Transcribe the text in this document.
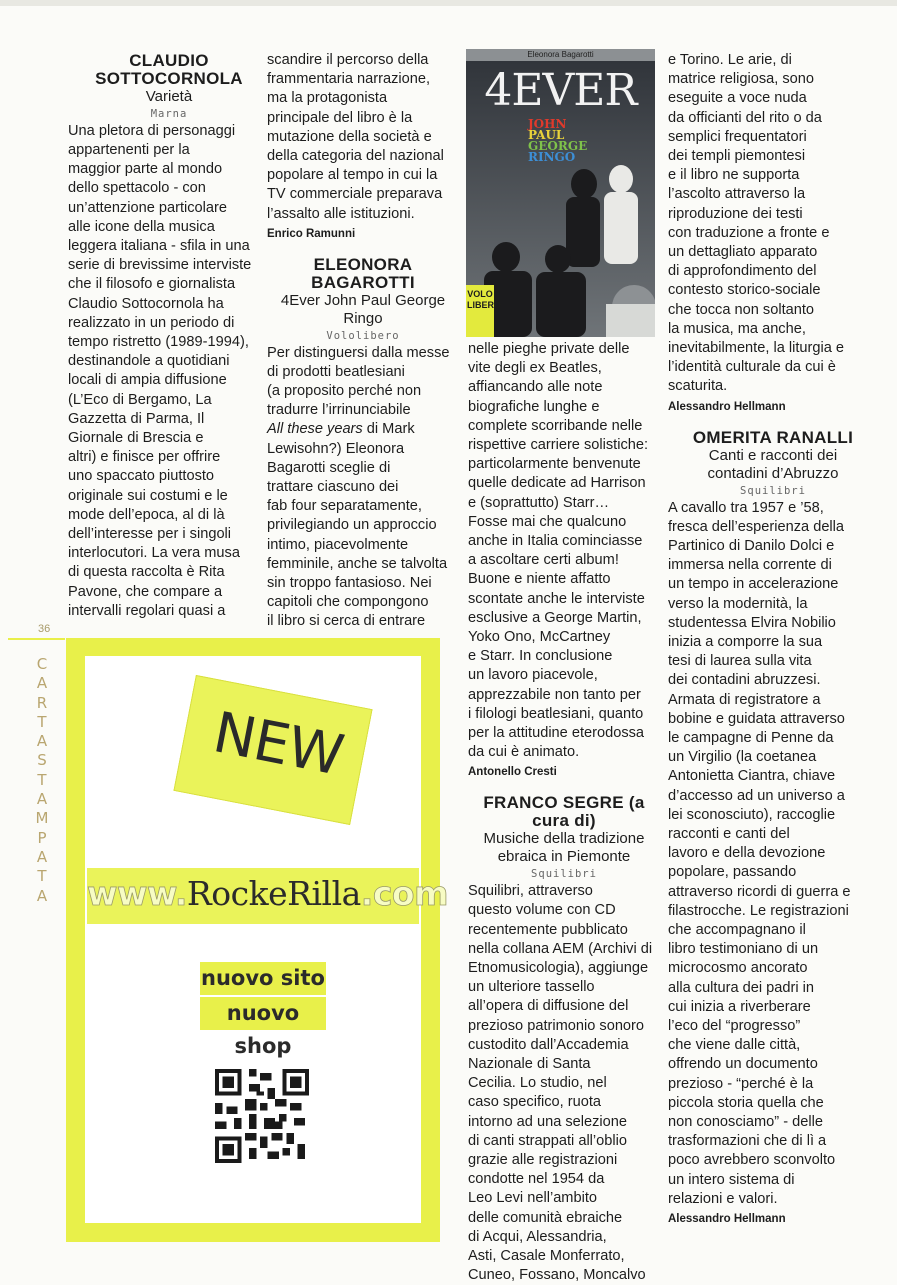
CLAUDIO SOTTOCORNOLA
Varietà
Marna

Una pletora di personaggi
appartenenti per la
maggior parte al mondo
dello spettacolo - con
un’attenzione particolare
alle icone della musica
leggera italiana - sfila in una
serie di brevissime interviste
che il filosofo e giornalista
Claudio Sottocornola ha
realizzato in un periodo di
tempo ristretto (1989-1994),
destinandole a quotidiani
locali di ampia diffusione
(L’Eco di Bergamo, La
Gazzetta di Parma, Il
Giornale di Brescia e
altri) e finisce per offrire
uno spaccato piuttosto
originale sui costumi e le
mode dell’epoca, al di là
dell’interesse per i singoli
interlocutori. La vera musa
di questa raccolta è Rita
Pavone, che compare a
intervalli regolari quasi a

scandire il percorso della
frammentaria narrazione,
ma la protagonista
principale del libro è la
mutazione della società e
della categoria del nazional
popolare al tempo in cui la
TV commerciale preparava
l’assalto alle istituzioni.

Enrico Ramunni
ELEONORA BAGAROTTI
4Ever John Paul George Ringo
Vololibero

Per distinguersi dalla messe
di prodotti beatlesiani
(a proposito perché non
tradurre l’irrinunciabile
All these years di Mark
Lewisohn?) Eleonora
Bagarotti sceglie di
trattare ciascuno dei
fab four separatamente,
privilegiando un approccio
intimo, piacevolmente
femminile, anche se talvolta
sin troppo fantasioso. Nei
capitoli che compongono
il libro si cerca di entrare

Eleonora Bagarotti
4EVER
JOHN
PAUL
GEORGE
RINGO
VOLO LIBERO

nelle pieghe private delle
vite degli ex Beatles,
affiancando alle note
biografiche lunghe e
complete scorribande nelle
rispettive carriere solistiche:
particolarmente benvenute
quelle dedicate ad Harrison
e (soprattutto) Starr…
Fosse mai che qualcuno
anche in Italia cominciasse
a ascoltare certi album!
Buone e niente affatto
scontate anche le interviste
esclusive a George Martin,
Yoko Ono, McCartney
e Starr. In conclusione
un lavoro piacevole,
apprezzabile non tanto per
i filologi beatlesiani, quanto
per la attitudine eterodossa
da cui è animato.

Antonello Cresti
FRANCO SEGRE (a cura di)
Musiche della tradizione
ebraica in Piemonte
Squilibri

Squilibri, attraverso
questo volume con CD
recentemente pubblicato
nella collana AEM (Archivi di
Etnomusicologia), aggiunge
un ulteriore tassello
all’opera di diffusione del
prezioso patrimonio sonoro
custodito dall’Accademia
Nazionale di Santa
Cecilia. Lo studio, nel
caso specifico, ruota
intorno ad una selezione
di canti strappati all’oblio
grazie alle registrazioni
condotte nel 1954 da
Leo Levi nell’ambito
delle comunità ebraiche
di Acqui, Alessandria,
Asti, Casale Monferrato,
Cuneo, Fossano, Moncalvo

e Torino. Le arie, di
matrice religiosa, sono
eseguite a voce nuda
da officianti del rito o da
semplici frequentatori
dei templi piemontesi
e il libro ne supporta
l’ascolto attraverso la
riproduzione dei testi
con traduzione a fronte e
un dettagliato apparato
di approfondimento del
contesto storico-sociale
che tocca non soltanto
la musica, ma anche,
inevitabilmente, la liturgia e
l’identità culturale da cui è
scaturita.

Alessandro Hellmann
OMERITA RANALLI
Canti e racconti dei
contadini d’Abruzzo
Squilibri

A cavallo tra 1957 e ’58,
fresca dell’esperienza della
Partinico di Danilo Dolci e
immersa nella corrente di
un tempo in accelerazione
verso la modernità, la
studentessa Elvira Nobilio
inizia a comporre la sua
tesi di laurea sulla vita
dei contadini abruzzesi.
Armata di registratore a
bobine e guidata attraverso
le campagne di Penne da
un Virgilio (la coetanea
Antonietta Ciantra, chiave
d’accesso ad un universo a
lei sconosciuto), raccoglie
racconti e canti del
lavoro e della devozione
popolare, passando
attraverso ricordi di guerra e
filastrocche. Le registrazioni
che accompagnano il
libro testimoniano di un
microcosmo ancorato
alla cultura dei padri in
cui inizia a riverberare
l’eco del “progresso”
che viene dalle città,
offrendo un documento
prezioso - “perché è la
piccola storia quella che
non conosciamo” - delle
trasformazioni che di lì a
poco avrebbero sconvolto
un intero sistema di
relazioni e valori.

Alessandro Hellmann
36
C
A
R
T
A
S
T
A
M
P
A
T
A
NEW
www.RockeRilla.com
nuovo sito
nuovo shop
